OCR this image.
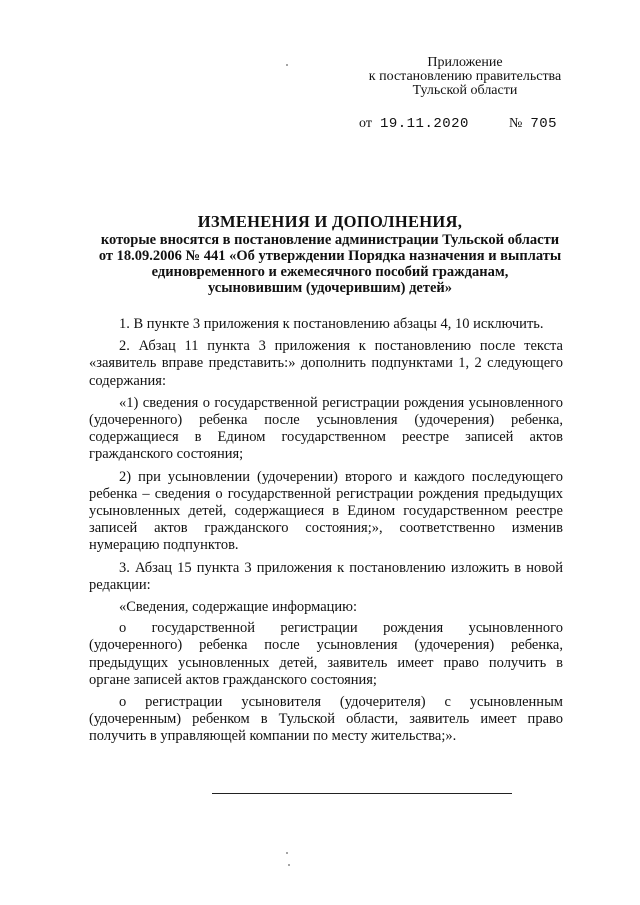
Приложение
к постановлению правительства
Тульской области
от 19.11.2020	№ 705
ИЗМЕНЕНИЯ И ДОПОЛНЕНИЯ,
которые вносятся в постановление администрации Тульской области
от 18.09.2006 № 441 «Об утверждении Порядка назначения и выплаты
единовременного и ежемесячного пособий гражданам,
усыновившим (удочерившим) детей»

1. В пункте 3 приложения к постановлению абзацы 4, 10 исключить.

2. Абзац 11 пункта 3 приложения к постановлению после текста «заявитель вправе представить:» дополнить подпунктами 1, 2 следующего содержания:

«1) сведения о государственной регистрации рождения усыновленного (удочеренного) ребенка после усыновления (удочерения) ребенка, содержащиеся в Едином государственном реестре записей актов гражданского состояния;

2) при усыновлении (удочерении) второго и каждого последующего ребенка – сведения о государственной регистрации рождения предыдущих усыновленных детей, содержащиеся в Едином государственном реестре записей актов гражданского состояния;», соответственно изменив нумерацию подпунктов.

3. Абзац 15 пункта 3 приложения к постановлению изложить в новой редакции:

«Сведения, содержащие информацию:

о государственной регистрации рождения усыновленного (удочеренного) ребенка после усыновления (удочерения) ребенка, предыдущих усыновленных детей, заявитель имеет право получить в органе записей актов гражданского состояния;

о регистрации усыновителя (удочерителя) с усыновленным (удочеренным) ребенком в Тульской области, заявитель имеет право получить в управляющей компании по месту жительства;».
